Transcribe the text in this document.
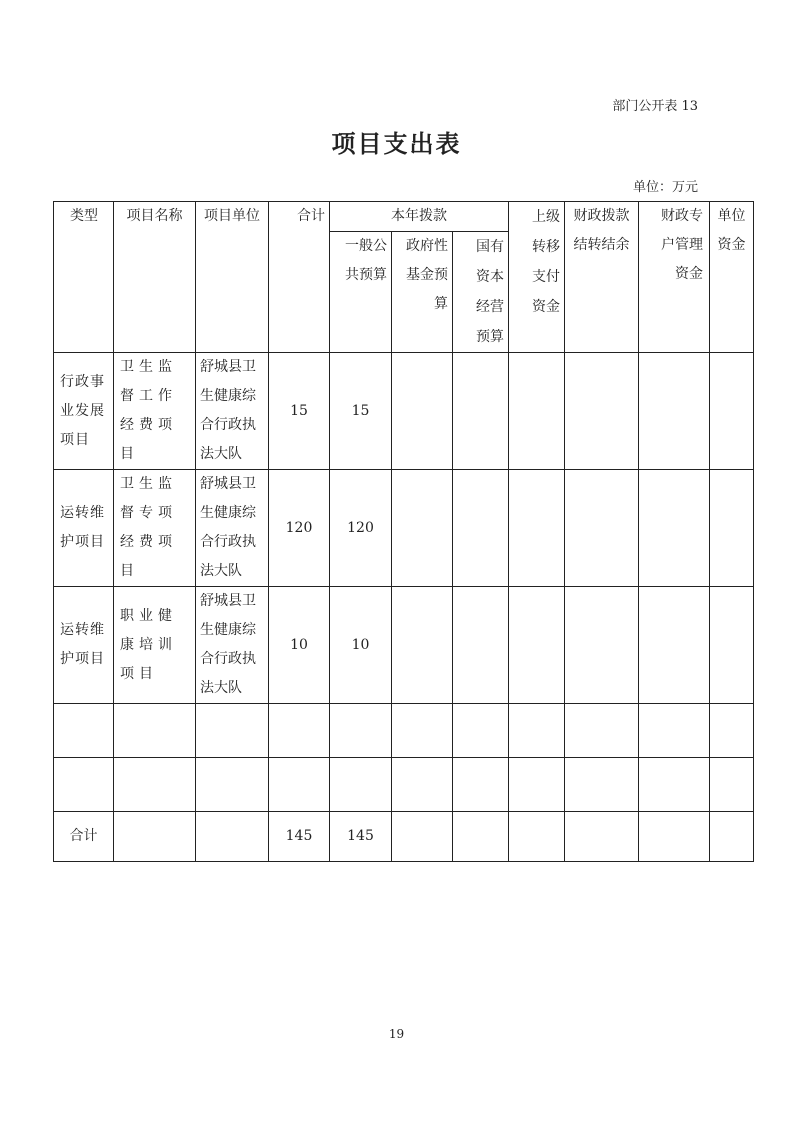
部门公开表 13
项目支出表
单位：万元
类型	项目名称	项目单位	合计	本年拨款			上级转移支付资金	财政拨款结转结余	财政专户管理资金	单位资金

				一般公共预算	政府性基金预算	国有资本经营预算				

行政事业发展项目	卫生监督工作经费项目	舒城县卫生健康综合行政执法大队	15	15						

运转维护项目	卫生监督专项经费项目	舒城县卫生健康综合行政执法大队	120	120						

运转维护项目	职业健康培训项目	舒城县卫生健康综合行政执法大队	10	10						

合计			145	145						
19
